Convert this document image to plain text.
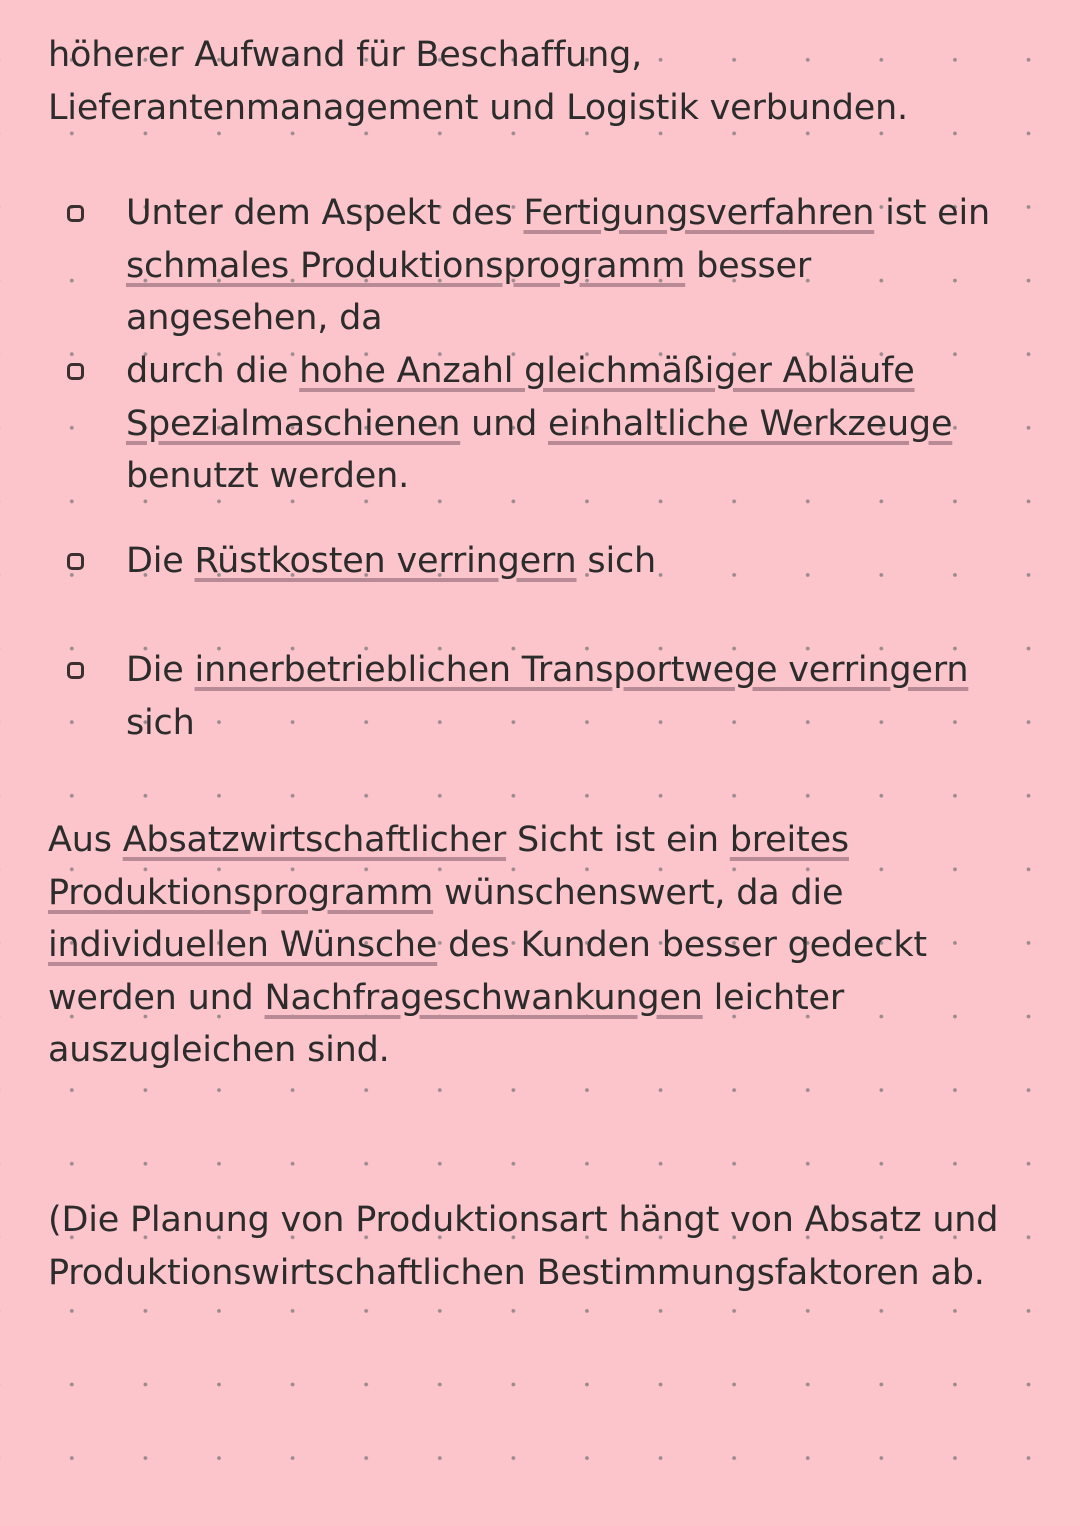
höherer Aufwand für Beschaffung,
Lieferantenmanagement und Logistik verbunden.

Unter dem Aspekt des Fertigungsverfahren ist ein
schmales Produktionsprogramm besser
angesehen, da

durch die hohe Anzahl gleichmäßiger Abläufe
Spezialmaschienen und einhaltliche Werkzeuge
benutzt werden.

Die Rüstkosten verringern sich

Die innerbetrieblichen Transportwege verringern
sich

Aus Absatzwirtschaftlicher Sicht ist ein breites
Produktionsprogramm wünschenswert, da die
individuellen Wünsche des Kunden besser gedeckt
werden und Nachfrageschwankungen leichter
auszugleichen sind.

(Die Planung von Produktionsart hängt von Absatz und
Produktionswirtschaftlichen Bestimmungsfaktoren ab.
